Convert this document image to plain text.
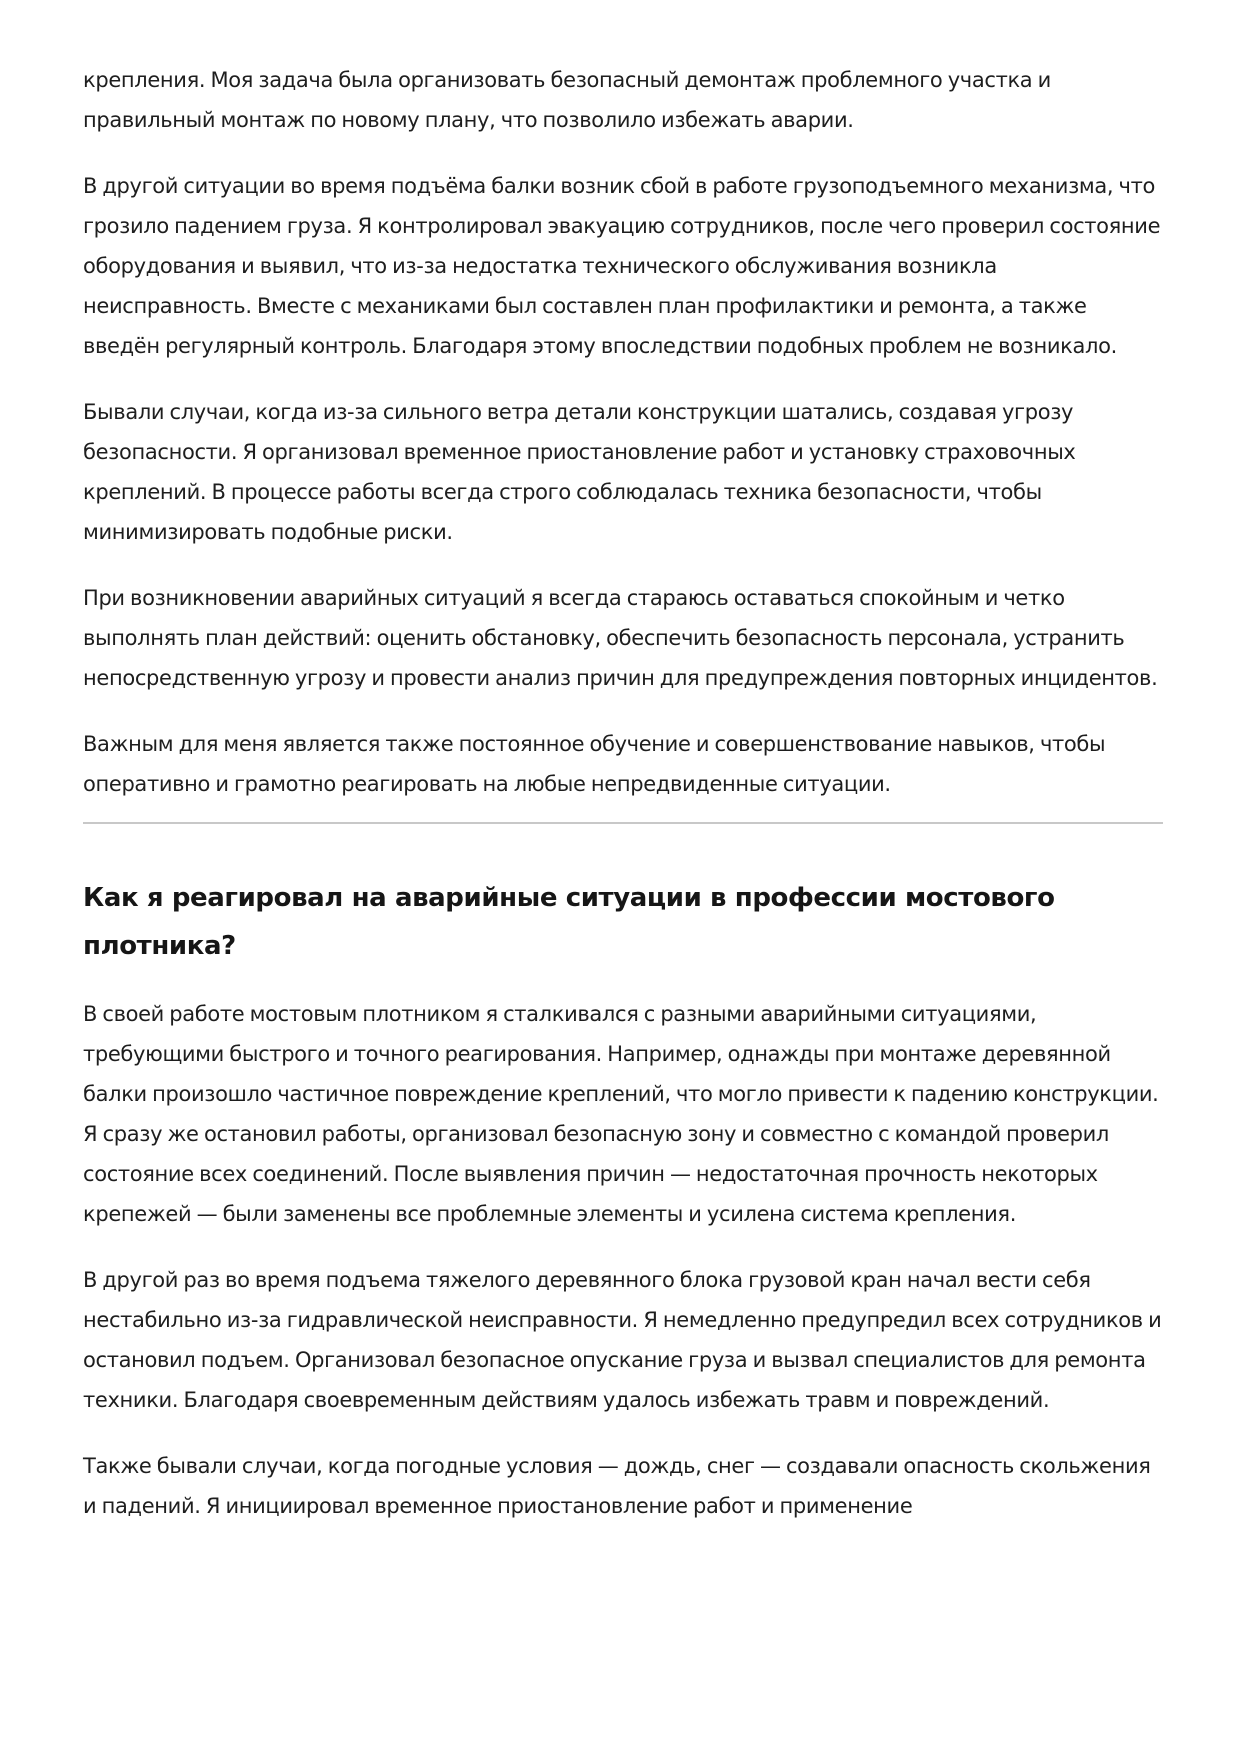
крепления. Моя задача была организовать безопасный демонтаж проблемного участка и правильный монтаж по новому плану, что позволило избежать аварии.

В другой ситуации во время подъёма балки возник сбой в работе грузоподъемного механизма, что грозило падением груза. Я контролировал эвакуацию сотрудников, после чего проверил состояние оборудования и выявил, что из-за недостатка технического обслуживания возникла неисправность. Вместе с механиками был составлен план профилактики и ремонта, а также введён регулярный контроль. Благодаря этому впоследствии подобных проблем не возникало.

Бывали случаи, когда из-за сильного ветра детали конструкции шатались, создавая угрозу безопасности. Я организовал временное приостановление работ и установку страховочных креплений. В процессе работы всегда строго соблюдалась техника безопасности, чтобы минимизировать подобные риски.

При возникновении аварийных ситуаций я всегда стараюсь оставаться спокойным и четко выполнять план действий: оценить обстановку, обеспечить безопасность персонала, устранить непосредственную угрозу и провести анализ причин для предупреждения повторных инцидентов.

Важным для меня является также постоянное обучение и совершенствование навыков, чтобы оперативно и грамотно реагировать на любые непредвиденные ситуации.

Как я реагировал на аварийные ситуации в профессии мостового плотника?

В своей работе мостовым плотником я сталкивался с разными аварийными ситуациями, требующими быстрого и точного реагирования. Например, однажды при монтаже деревянной балки произошло частичное повреждение креплений, что могло привести к падению конструкции. Я сразу же остановил работы, организовал безопасную зону и совместно с командой проверил состояние всех соединений. После выявления причин — недостаточная прочность некоторых крепежей — были заменены все проблемные элементы и усилена система крепления.

В другой раз во время подъема тяжелого деревянного блока грузовой кран начал вести себя нестабильно из-за гидравлической неисправности. Я немедленно предупредил всех сотрудников и остановил подъем. Организовал безопасное опускание груза и вызвал специалистов для ремонта техники. Благодаря своевременным действиям удалось избежать травм и повреждений.

Также бывали случаи, когда погодные условия — дождь, снег — создавали опасность скольжения и падений. Я инициировал временное приостановление работ и применение
